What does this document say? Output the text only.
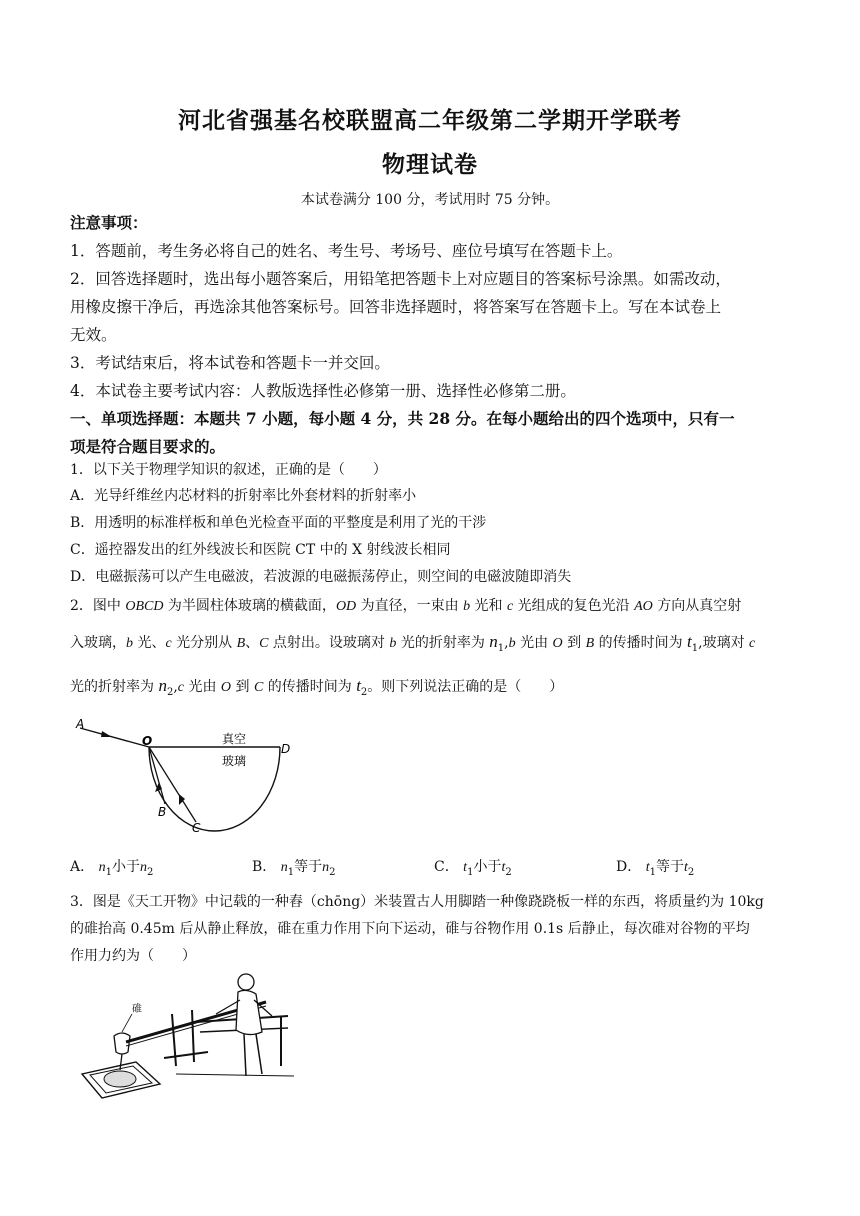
河北省强基名校联盟高二年级第二学期开学联考
物理试卷
本试卷满分 100 分，考试用时 75 分钟。
注意事项：
1．答题前，考生务必将自己的姓名、考生号、考场号、座位号填写在答题卡上。
2．回答选择题时，选出每小题答案后，用铅笔把答题卡上对应题目的答案标号涂黑。如需改动，
用橡皮擦干净后，再选涂其他答案标号。回答非选择题时，将答案写在答题卡上。写在本试卷上
无效。
3．考试结束后，将本试卷和答题卡一并交回。
4．本试卷主要考试内容：人教版选择性必修第一册、选择性必修第二册。
一、单项选择题：本题共 7 小题，每小题 4 分，共 28 分。在每小题给出的四个选项中，只有一
项是符合题目要求的。
1．以下关于物理学知识的叙述，正确的是（　　）
A．光导纤维丝内芯材料的折射率比外套材料的折射率小
B．用透明的标准样板和单色光检查平面的平整度是利用了光的干涉
C．遥控器发出的红外线波长和医院 CT 中的 X 射线波长相同
D．电磁振荡可以产生电磁波，若波源的电磁振荡停止，则空间的电磁波随即消失
2．图中 OBCD 为半圆柱体玻璃的横截面，OD 为直径，一束由 b 光和 c 光组成的复色光沿 AO 方向从真空射
入玻璃，b 光、c 光分别从 B、C 点射出。设玻璃对 b 光的折射率为 $n_1,b$ 光由 O 到 B 的传播时间为 $t_1$,玻璃对 c
光的折射率为 $n_2,c$ 光由 O 到 C 的传播时间为 $t_2$。则下列说法正确的是（　　）
A
O
D
B
C
真空
玻璃
A． $n_1$小于$n_2$	B． $n_1$等于$n_2$	C． $t_1$小于$t_2$	D． $t_1$等于$t_2$
3．图是《天工开物》中记载的一种舂（chōng）米装置古人用脚踏一种像跷跷板一样的东西，将质量约为 10kg
的碓抬高 0.45m 后从静止释放，碓在重力作用下向下运动，碓与谷物作用 0.1s 后静止，每次碓对谷物的平均
作用力约为（　　）
碓
